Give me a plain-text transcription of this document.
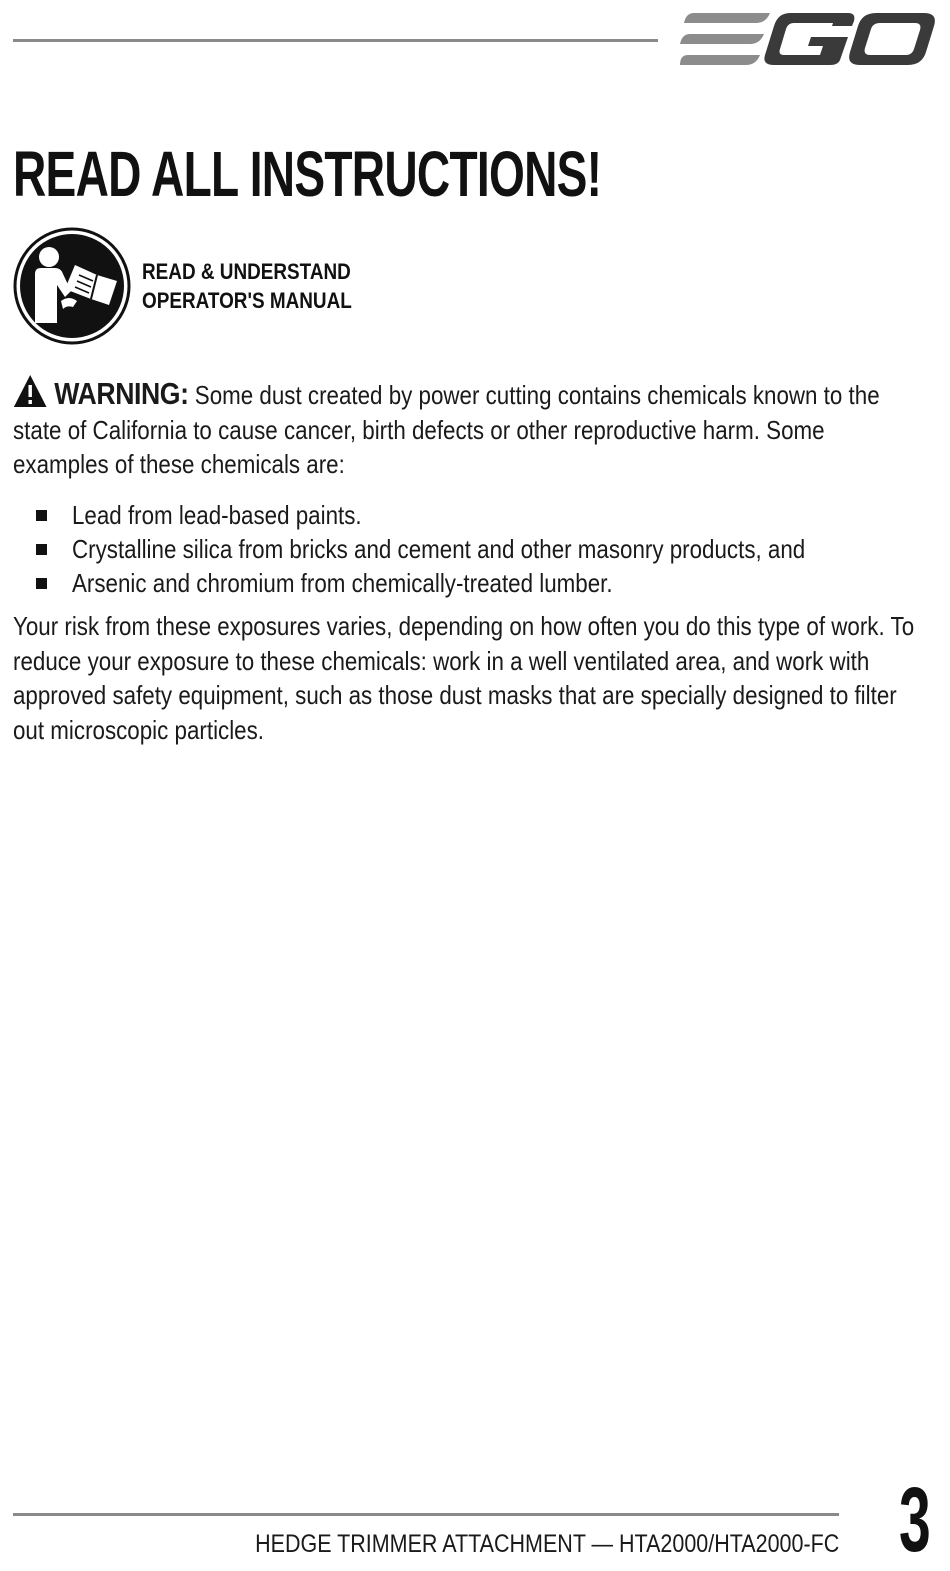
READ ALL INSTRUCTIONS!
READ & UNDERSTAND
OPERATOR'S MANUAL
WARNING: Some dust created by power cutting contains chemicals known to the state of California to cause cancer, birth defects or other reproductive harm. Some examples of these chemicals are:
Lead from lead-based paints.
Crystalline silica from bricks and cement and other masonry products, and
Arsenic and chromium from chemically-treated lumber.
Your risk from these exposures varies, depending on how often you do this type of work. To reduce your exposure to these chemicals: work in a well ventilated area, and work with approved safety equipment, such as those dust masks that are specially designed to filter out microscopic particles.
HEDGE TRIMMER ATTACHMENT — HTA2000/HTA2000-FC 3
